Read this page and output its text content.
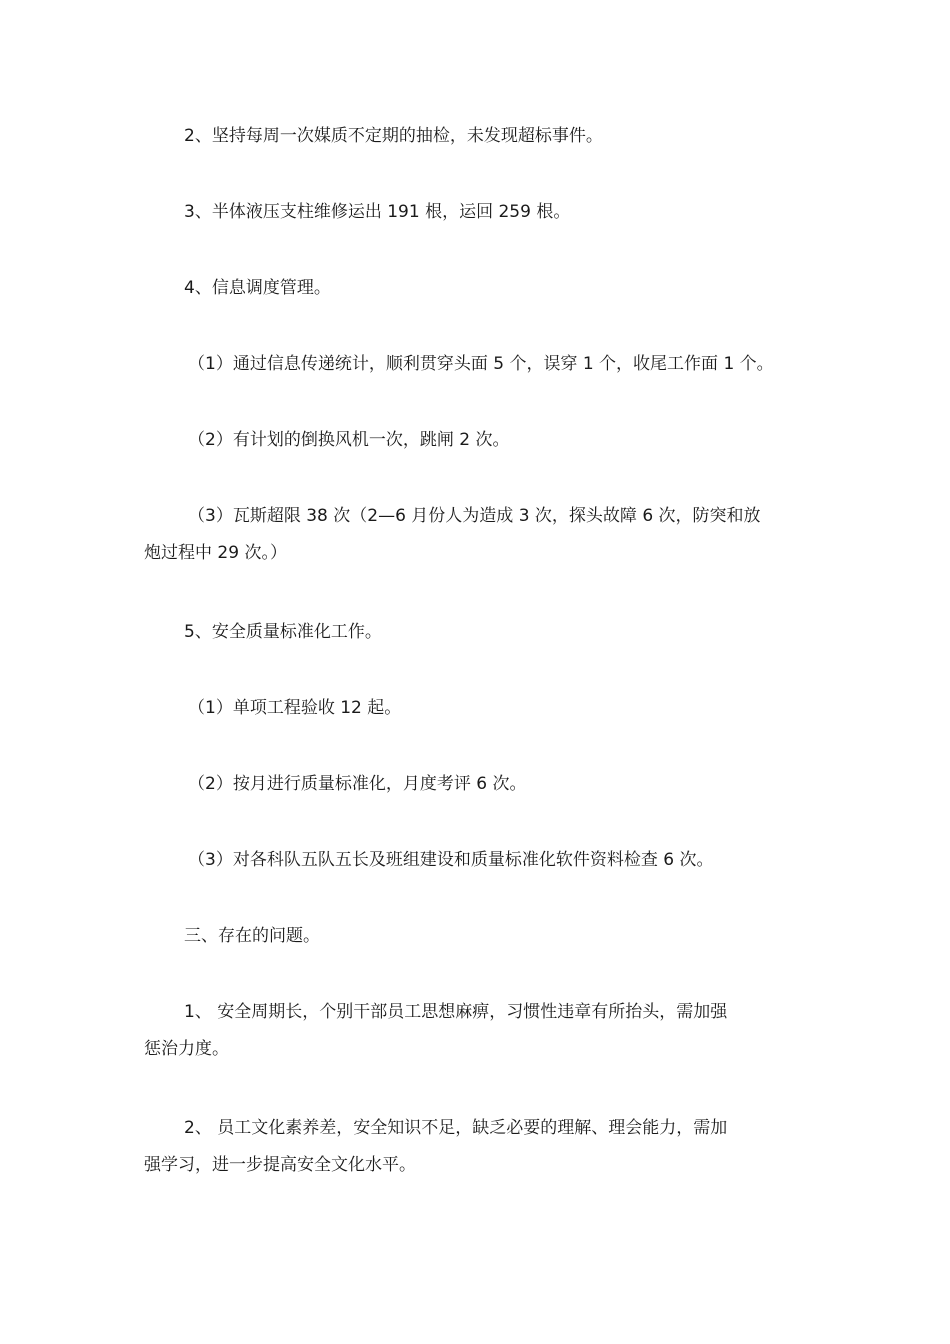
2、坚持每周一次媒质不定期的抽检，未发现超标事件。

3、半体液压支柱维修运出 191 根，运回 259 根。

4、信息调度管理。

（1）通过信息传递统计，顺利贯穿头面 5 个，误穿 1 个，收尾工作面 1 个。

（2）有计划的倒换风机一次，跳闸 2 次。

（3）瓦斯超限 38 次（2—6 月份人为造成 3 次，探头故障 6 次，防突和放
炮过程中 29 次。）

5、安全质量标准化工作。

（1）单项工程验收 12 起。

（2）按月进行质量标准化，月度考评 6 次。

（3）对各科队五队五长及班组建设和质量标准化软件资料检查 6 次。

三、存在的问题。

1、 安全周期长，个别干部员工思想麻痹，习惯性违章有所抬头，需加强
惩治力度。

2、 员工文化素养差，安全知识不足，缺乏必要的理解、理会能力，需加
强学习，进一步提高安全文化水平。
